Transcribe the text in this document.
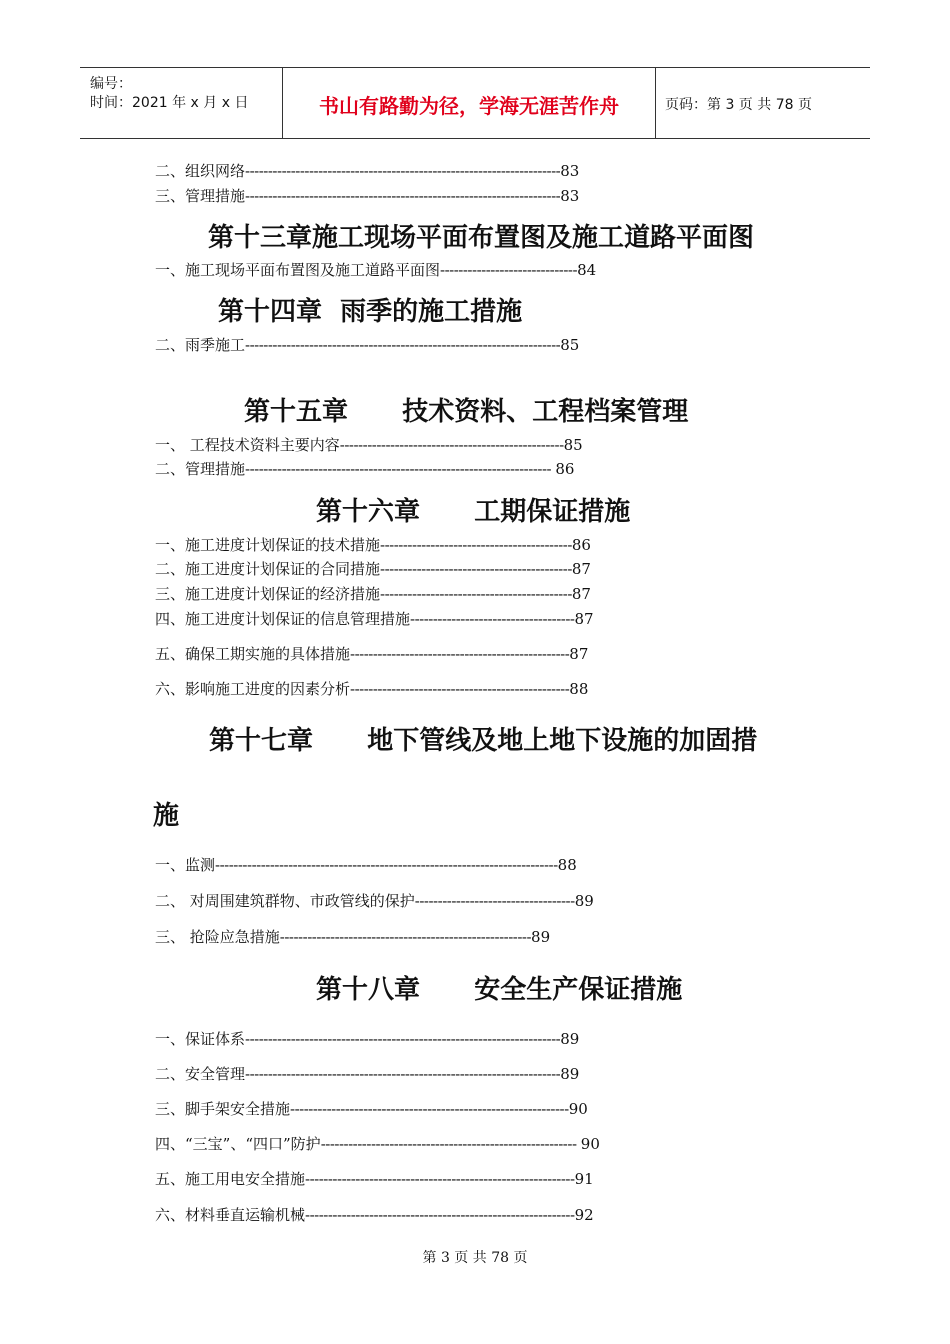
编号：
时间：2021 年 x 月 x 日	书山有路勤为径，学海无涯苦作舟	页码：第 3 页 共 78 页
二、组织网络---------------------------------------------------------------------83
三、管理措施---------------------------------------------------------------------83
第十三章施工现场平面布置图及施工道路平面图
一、施工现场平面布置图及施工道路平面图------------------------------84
第十四章  雨季的施工措施
二、雨季施工---------------------------------------------------------------------85
第十五章      技术资料、工程档案管理
一、 工程技术资料主要内容-------------------------------------------------85
二、管理措施------------------------------------------------------------------- 86
第十六章      工期保证措施
一、施工进度计划保证的技术措施------------------------------------------86
二、施工进度计划保证的合同措施------------------------------------------87
三、施工进度计划保证的经济措施------------------------------------------87
四、施工进度计划保证的信息管理措施------------------------------------87
五、确保工期实施的具体措施------------------------------------------------87
六、影响施工进度的因素分析------------------------------------------------88
第十七章      地下管线及地上地下设施的加固措
施
一、监测---------------------------------------------------------------------------88
二、 对周围建筑群物、市政管线的保护-----------------------------------89
三、 抢险应急措施-------------------------------------------------------89
第十八章      安全生产保证措施
一、保证体系---------------------------------------------------------------------89
二、安全管理---------------------------------------------------------------------89
三、脚手架安全措施-------------------------------------------------------------90
四、“三宝”、“四口”防护-------------------------------------------------------- 90
五、施工用电安全措施-----------------------------------------------------------91
六、材料垂直运输机械-----------------------------------------------------------92
第 3 页 共 78 页
